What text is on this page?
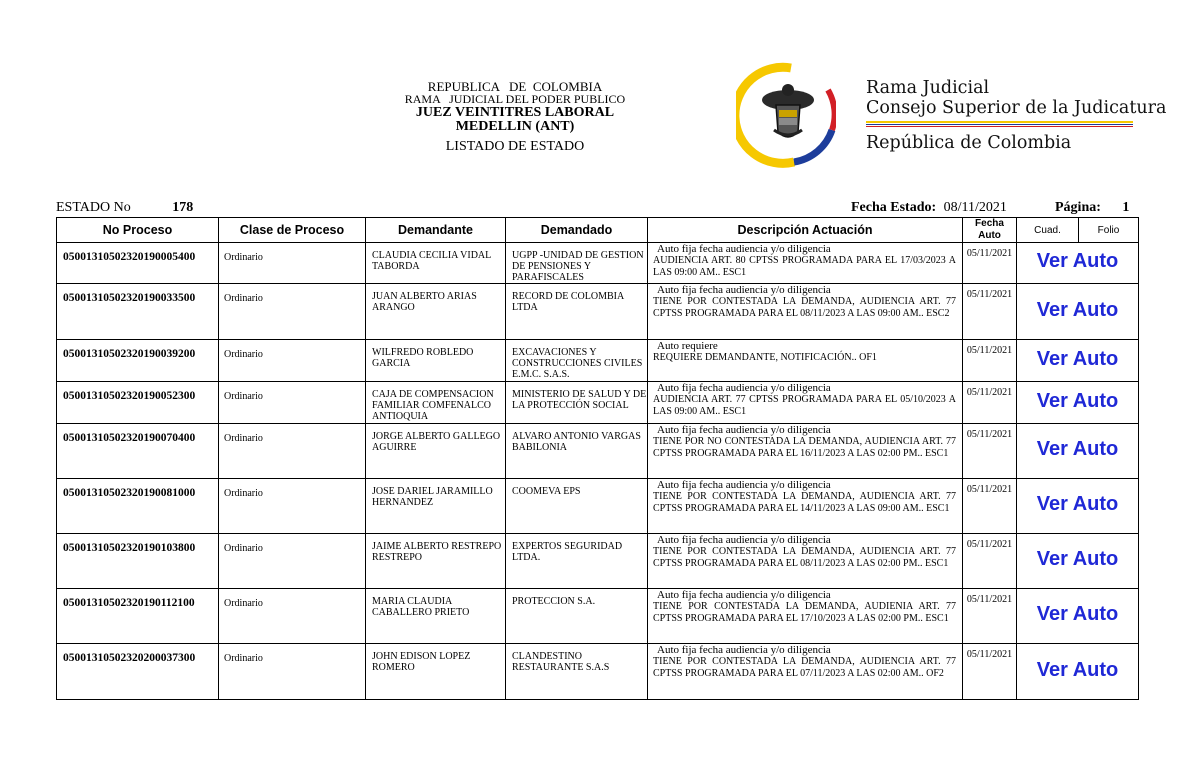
REPUBLICA   DE  COLOMBIA
RAMA   JUDICIAL DEL PODER PUBLICO
JUEZ VEINTITRES LABORAL
MEDELLIN (ANT)
LISTADO DE ESTADO
Rama Judicial
Consejo Superior de la Judicatura
República de Colombia
ESTADO No	178	Fecha Estado: 08/11/2021	Página: 1
No Proceso	Clase de Proceso	Demandante	Demandado	Descripción Actuación	Fecha Auto	Cuad.	Folio
05001310502320190005400	Ordinario	CLAUDIA CECILIA VIDAL TABORDA	UGPP -UNIDAD DE GESTION DE PENSIONES Y PARAFISCALES	Auto fija fecha audiencia y/o diligencia
AUDIENCIA ART. 80 CPTSS PROGRAMADA PARA EL 17/03/2023 A LAS 09:00 AM.. ESC1	05/11/2021	Ver Auto	
05001310502320190033500	Ordinario	JUAN ALBERTO ARIAS ARANGO	RECORD DE COLOMBIA LTDA	Auto fija fecha audiencia y/o diligencia
TIENE POR CONTESTADA LA DEMANDA, AUDIENCIA ART. 77 CPTSS PROGRAMADA PARA EL 08/11/2023 A LAS 09:00 AM.. ESC2	05/11/2021	Ver Auto	
05001310502320190039200	Ordinario	WILFREDO ROBLEDO GARCIA	EXCAVACIONES Y CONSTRUCCIONES CIVILES E.M.C. S.A.S.	Auto requiere
REQUIERE DEMANDANTE, NOTIFICACIÓN.. OF1	05/11/2021	Ver Auto	
05001310502320190052300	Ordinario	CAJA DE COMPENSACION FAMILIAR COMFENALCO ANTIOQUIA	MINISTERIO DE SALUD Y DE LA PROTECCIÓN SOCIAL	Auto fija fecha audiencia y/o diligencia
AUDIENCIA ART. 77 CPTSS PROGRAMADA PARA EL 05/10/2023 A LAS 09:00 AM.. ESC1	05/11/2021	Ver Auto	
05001310502320190070400	Ordinario	JORGE ALBERTO GALLEGO AGUIRRE	ALVARO ANTONIO VARGAS BABILONIA	Auto fija fecha audiencia y/o diligencia
TIENE POR NO CONTESTADA LA DEMANDA, AUDIENCIA ART. 77 CPTSS PROGRAMADA PARA EL 16/11/2023 A LAS 02:00 PM.. ESC1	05/11/2021	Ver Auto	
05001310502320190081000	Ordinario	JOSE DARIEL JARAMILLO HERNANDEZ	COOMEVA EPS	Auto fija fecha audiencia y/o diligencia
TIENE POR CONTESTADA LA DEMANDA, AUDIENCIA ART. 77 CPTSS PROGRAMADA PARA EL 14/11/2023 A LAS 09:00 AM.. ESC1	05/11/2021	Ver Auto	
05001310502320190103800	Ordinario	JAIME ALBERTO RESTREPO RESTREPO	EXPERTOS SEGURIDAD LTDA.	Auto fija fecha audiencia y/o diligencia
TIENE POR CONTESTADA LA DEMANDA, AUDIENCIA ART. 77 CPTSS PROGRAMADA PARA EL 08/11/2023 A LAS 02:00 PM.. ESC1	05/11/2021	Ver Auto	
05001310502320190112100	Ordinario	MARIA CLAUDIA CABALLERO PRIETO	PROTECCION S.A.	Auto fija fecha audiencia y/o diligencia
TIENE POR CONTESTADA LA DEMANDA, AUDIENIA ART. 77 CPTSS PROGRAMADA PARA EL 17/10/2023 A LAS 02:00 PM.. ESC1	05/11/2021	Ver Auto	
05001310502320200037300	Ordinario	JOHN EDISON LOPEZ ROMERO	CLANDESTINO RESTAURANTE S.A.S	Auto fija fecha audiencia y/o diligencia
TIENE POR CONTESTADA LA DEMANDA, AUDIENCIA ART. 77 CPTSS PROGRAMADA PARA EL 07/11/2023 A LAS 02:00 AM.. OF2	05/11/2021	Ver Auto	
